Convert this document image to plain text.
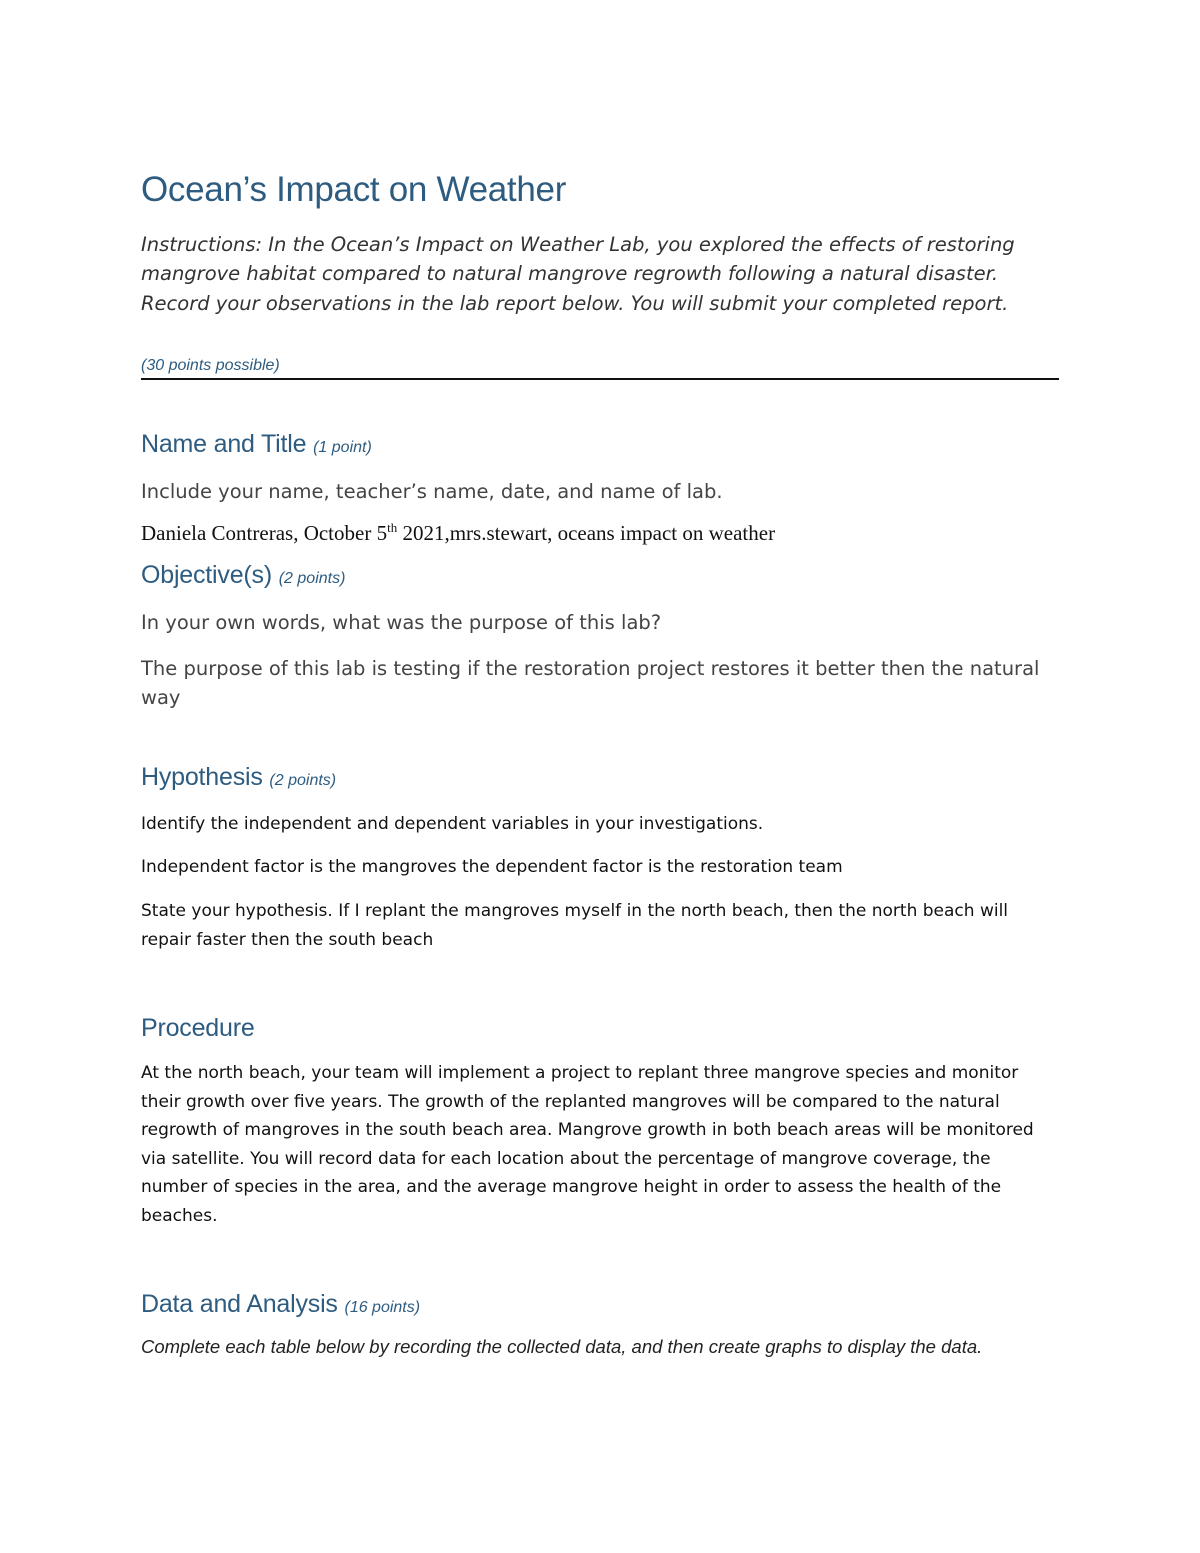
Ocean’s Impact on Weather

Instructions: In the Ocean’s Impact on Weather Lab, you explored the effects of restoring mangrove habitat compared to natural mangrove regrowth following a natural disaster. Record your observations in the lab report below. You will submit your completed report.

(30 points possible)

Name and Title (1 point)

Include your name, teacher’s name, date, and name of lab.

Daniela Contreras, October 5th 2021,mrs.stewart, oceans impact on weather

Objective(s) (2 points)

In your own words, what was the purpose of this lab?

The purpose of this lab is testing if the restoration project restores it better then the natural way

Hypothesis (2 points)

Identify the independent and dependent variables in your investigations.

Independent factor is the mangroves the dependent factor is the restoration team

State your hypothesis. If I replant the mangroves myself in the north beach, then the north beach will repair faster then the south beach

Procedure

At the north beach, your team will implement a project to replant three mangrove species and monitor their growth over five years. The growth of the replanted mangroves will be compared to the natural regrowth of mangroves in the south beach area. Mangrove growth in both beach areas will be monitored via satellite. You will record data for each location about the percentage of mangrove coverage, the number of species in the area, and the average mangrove height in order to assess the health of the beaches.

Data and Analysis (16 points)

Complete each table below by recording the collected data, and then create graphs to display the data.
